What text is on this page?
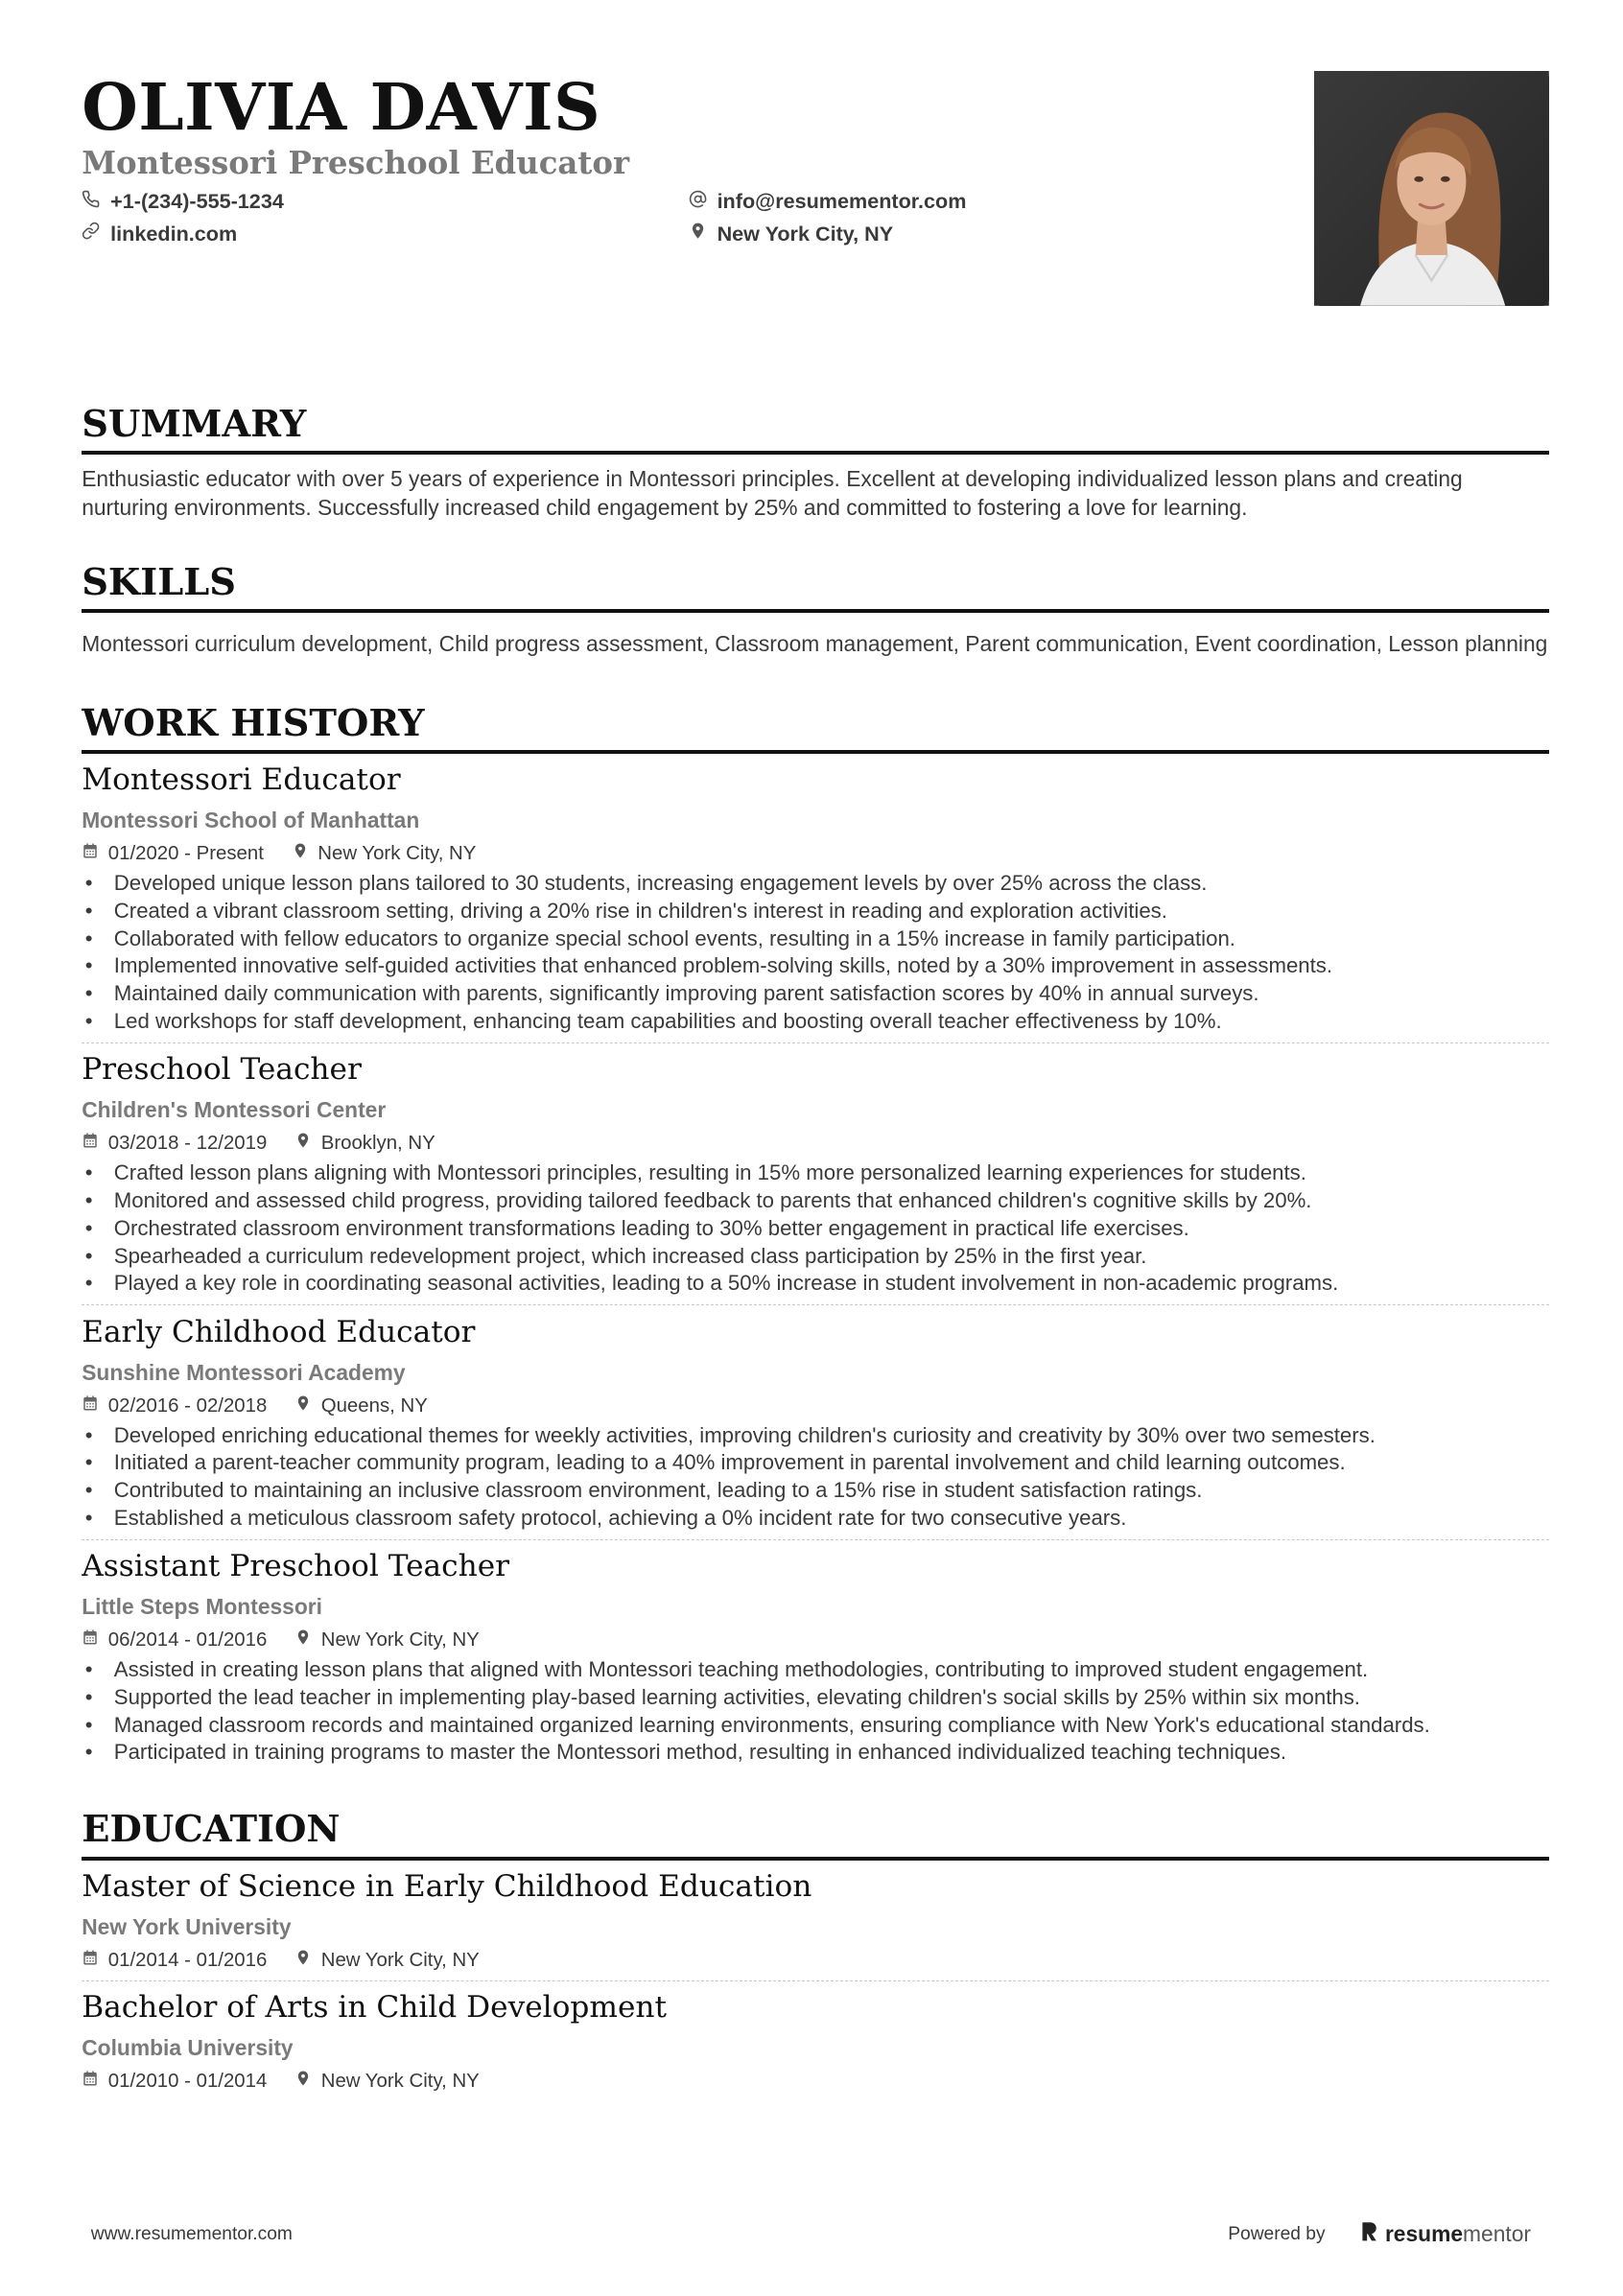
OLIVIA DAVIS
Montessori Preschool Educator
+1-(234)-555-1234	info@resumementor.com
linkedin.com	New York City, NY
SUMMARY
Enthusiastic educator with over 5 years of experience in Montessori principles. Excellent at developing individualized lesson plans and creating nurturing environments. Successfully increased child engagement by 25% and committed to fostering a love for learning.
SKILLS
Montessori curriculum development, Child progress assessment, Classroom management, Parent communication, Event coordination, Lesson planning
WORK HISTORY
Montessori Educator
Montessori School of Manhattan
01/2020 - Present	New York City, NY
• Developed unique lesson plans tailored to 30 students, increasing engagement levels by over 25% across the class.
• Created a vibrant classroom setting, driving a 20% rise in children's interest in reading and exploration activities.
• Collaborated with fellow educators to organize special school events, resulting in a 15% increase in family participation.
• Implemented innovative self-guided activities that enhanced problem-solving skills, noted by a 30% improvement in assessments.
• Maintained daily communication with parents, significantly improving parent satisfaction scores by 40% in annual surveys.
• Led workshops for staff development, enhancing team capabilities and boosting overall teacher effectiveness by 10%.
Preschool Teacher
Children's Montessori Center
03/2018 - 12/2019	Brooklyn, NY
• Crafted lesson plans aligning with Montessori principles, resulting in 15% more personalized learning experiences for students.
• Monitored and assessed child progress, providing tailored feedback to parents that enhanced children's cognitive skills by 20%.
• Orchestrated classroom environment transformations leading to 30% better engagement in practical life exercises.
• Spearheaded a curriculum redevelopment project, which increased class participation by 25% in the first year.
• Played a key role in coordinating seasonal activities, leading to a 50% increase in student involvement in non-academic programs.
Early Childhood Educator
Sunshine Montessori Academy
02/2016 - 02/2018	Queens, NY
• Developed enriching educational themes for weekly activities, improving children's curiosity and creativity by 30% over two semesters.
• Initiated a parent-teacher community program, leading to a 40% improvement in parental involvement and child learning outcomes.
• Contributed to maintaining an inclusive classroom environment, leading to a 15% rise in student satisfaction ratings.
• Established a meticulous classroom safety protocol, achieving a 0% incident rate for two consecutive years.
Assistant Preschool Teacher
Little Steps Montessori
06/2014 - 01/2016	New York City, NY
• Assisted in creating lesson plans that aligned with Montessori teaching methodologies, contributing to improved student engagement.
• Supported the lead teacher in implementing play-based learning activities, elevating children's social skills by 25% within six months.
• Managed classroom records and maintained organized learning environments, ensuring compliance with New York's educational standards.
• Participated in training programs to master the Montessori method, resulting in enhanced individualized teaching techniques.
EDUCATION
Master of Science in Early Childhood Education
New York University
01/2014 - 01/2016	New York City, NY
Bachelor of Arts in Child Development
Columbia University
01/2010 - 01/2014	New York City, NY
www.resumementor.com	Powered by	resume mentor
